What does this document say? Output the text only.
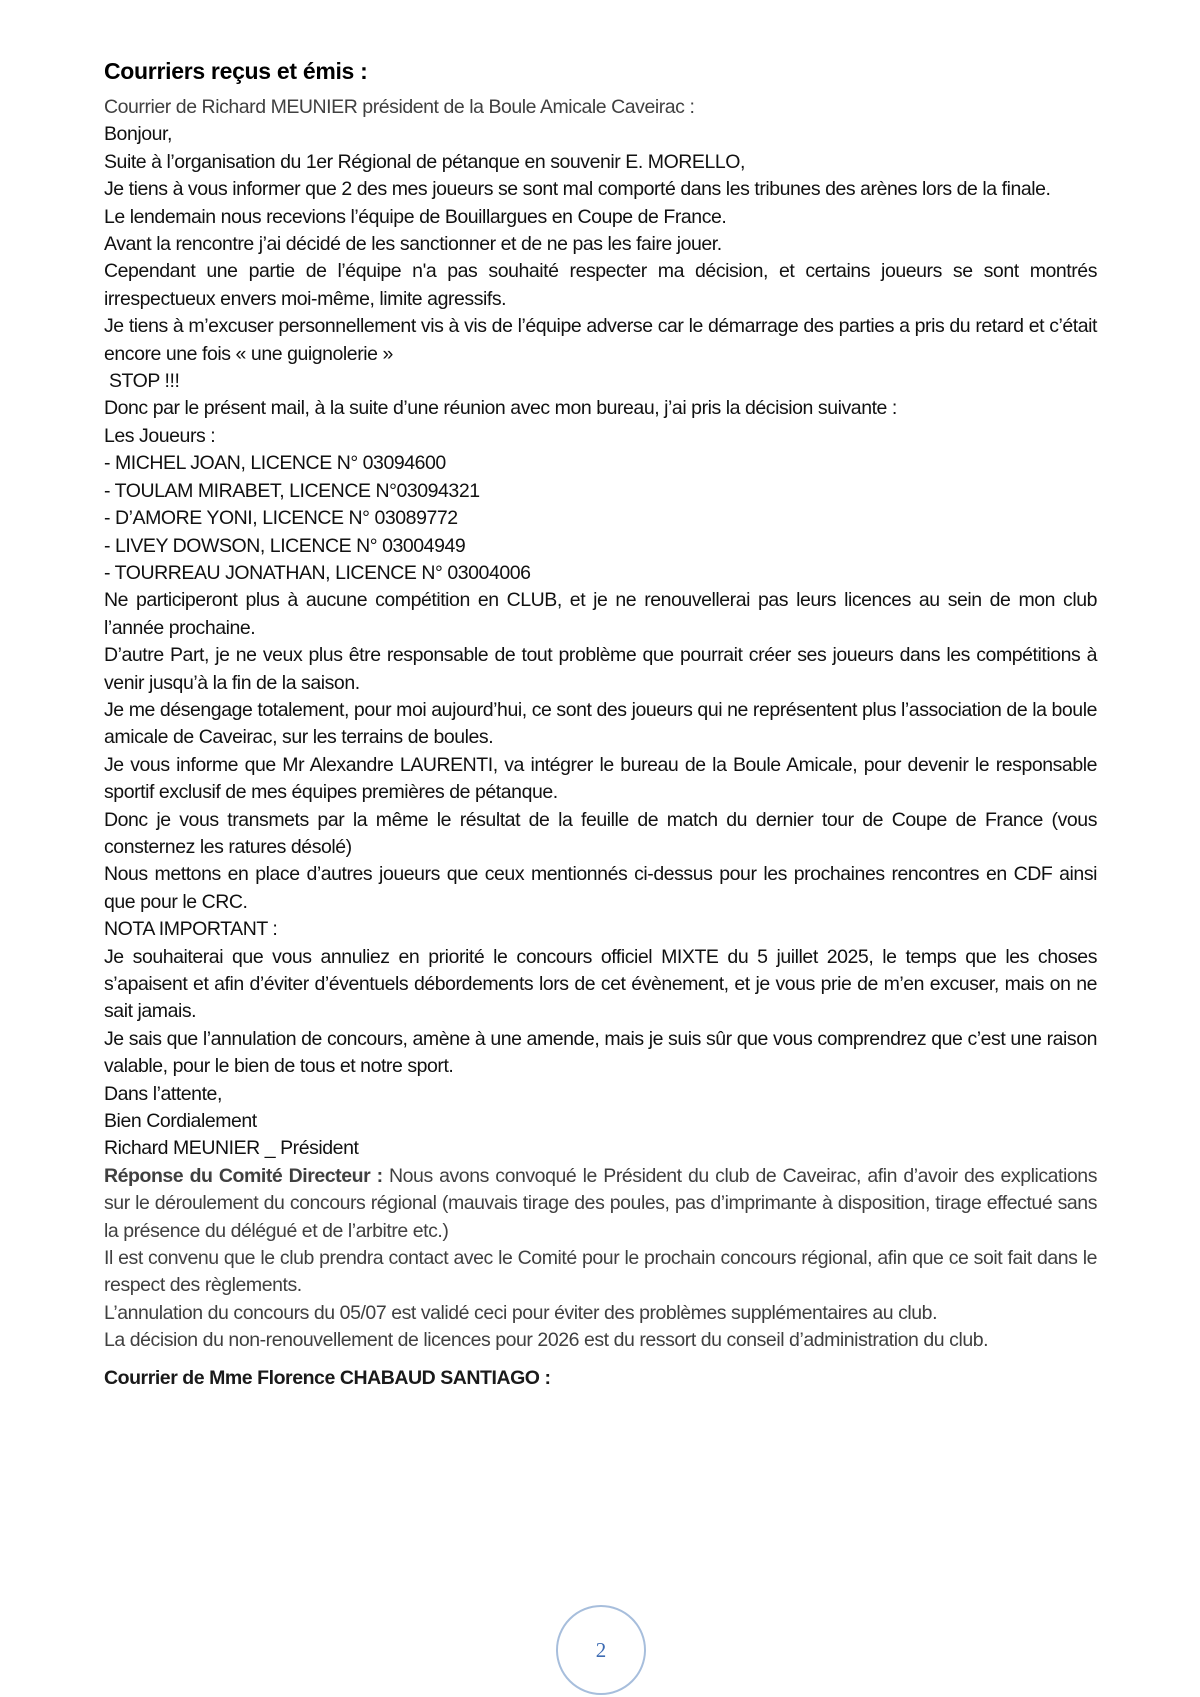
Courriers reçus et émis :

Courrier de Richard MEUNIER président de la Boule Amicale Caveirac :

Bonjour,

Suite à l’organisation du 1er Régional de pétanque en souvenir E. MORELLO,

Je tiens à vous informer que 2 des mes joueurs se sont mal comporté dans les tribunes des arènes lors de la finale.

Le lendemain nous recevions l’équipe de Bouillargues en Coupe de France.

Avant la rencontre j’ai décidé de les sanctionner et de ne pas les faire jouer.

Cependant une partie de l’équipe n'a pas souhaité respecter ma décision, et certains joueurs se sont montrés irrespectueux envers moi-même, limite agressifs.

Je tiens à m’excuser personnellement vis à vis de l’équipe adverse car le démarrage des parties a pris du retard et c’était encore une fois « une guignolerie »

STOP !!!

Donc par le présent mail, à la suite d’une réunion avec mon bureau, j’ai pris la décision suivante :

Les Joueurs :

- MICHEL JOAN, LICENCE N° 03094600

- TOULAM MIRABET, LICENCE N°03094321

- D’AMORE YONI, LICENCE N° 03089772

- LIVEY DOWSON, LICENCE N° 03004949

- TOURREAU JONATHAN, LICENCE N° 03004006

Ne participeront plus à aucune compétition en CLUB, et je ne renouvellerai pas leurs licences au sein de mon club l’année prochaine.

D’autre Part, je ne veux plus être responsable de tout problème que pourrait créer ses joueurs dans les compétitions à venir jusqu’à la fin de la saison.

Je me désengage totalement, pour moi aujourd’hui, ce sont des joueurs qui ne représentent plus l’association de la boule amicale de Caveirac, sur les terrains de boules.

Je vous informe que Mr Alexandre LAURENTI, va intégrer le bureau de la Boule Amicale, pour devenir le responsable sportif exclusif de mes équipes premières de pétanque.

Donc je vous transmets par la même le résultat de la feuille de match du dernier tour de Coupe de France (vous consternez les ratures désolé)

Nous mettons en place d’autres joueurs que ceux mentionnés ci-dessus pour les prochaines rencontres en CDF ainsi que pour le CRC.

NOTA IMPORTANT :

Je souhaiterai que vous annuliez en priorité le concours officiel MIXTE du 5 juillet 2025, le temps que les choses s’apaisent et afin d’éviter d’éventuels débordements lors de cet évènement, et je vous prie de m’en excuser, mais on ne sait jamais.

Je sais que l’annulation de concours, amène à une amende, mais je suis sûr que vous comprendrez que c’est une raison valable, pour le bien de tous et notre sport.

Dans l’attente,

Bien Cordialement

Richard MEUNIER _ Président

Réponse du Comité Directeur : Nous avons convoqué le Président du club de Caveirac, afin d’avoir des explications sur le déroulement du concours régional (mauvais tirage des poules, pas d’imprimante à disposition, tirage effectué sans la présence du délégué et de l’arbitre etc.)

Il est convenu que le club prendra contact avec le Comité pour le prochain concours régional, afin que ce soit fait dans le respect des règlements.

L’annulation du concours du 05/07 est validé ceci pour éviter des problèmes supplémentaires au club.

La décision du non-renouvellement de licences pour 2026 est du ressort du conseil d’administration du club.

Courrier de Mme Florence CHABAUD SANTIAGO :

2
